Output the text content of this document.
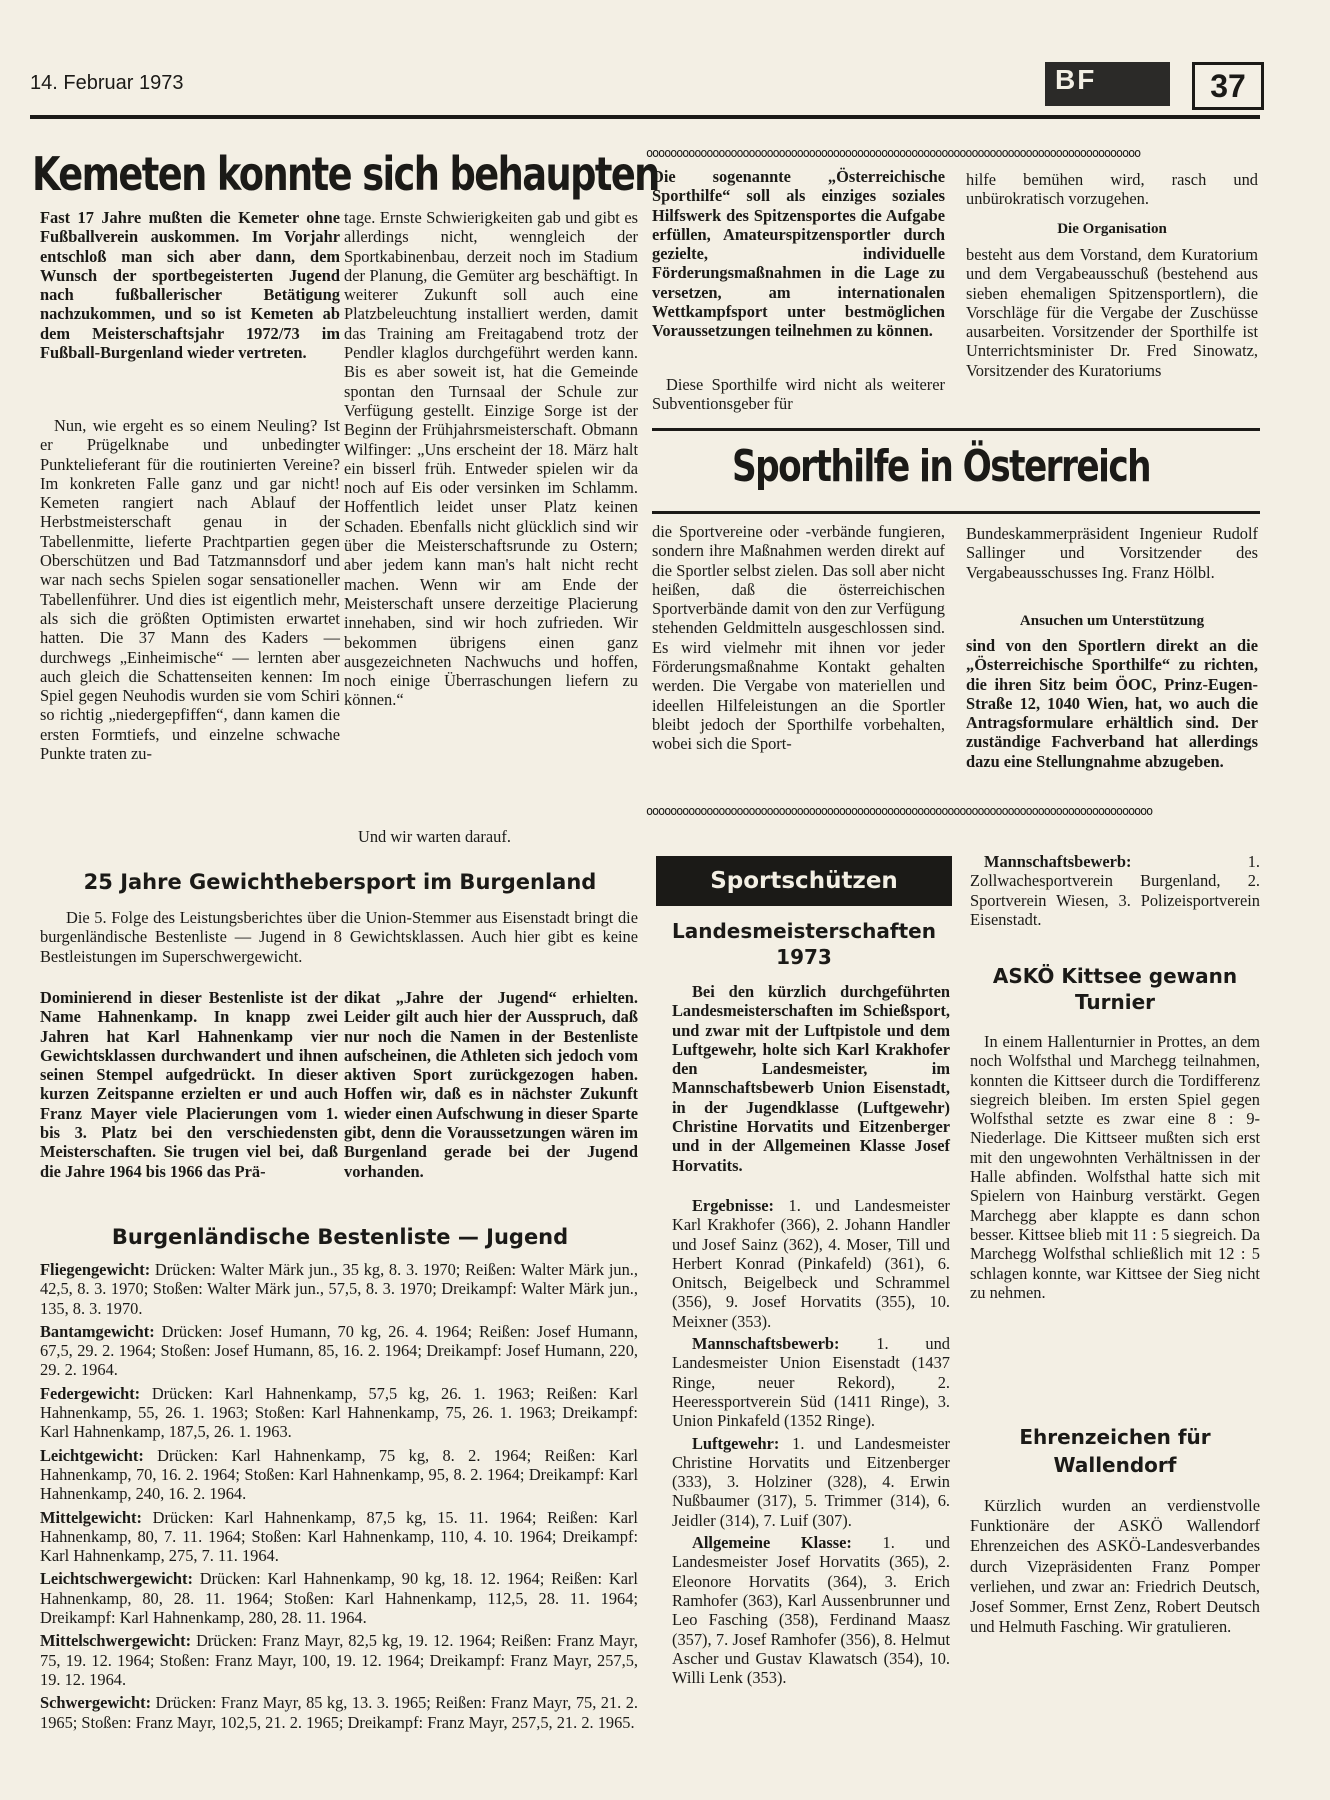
14. Februar 1973	BF	37
Kemeten konnte sich behaupten
Fast 17 Jahre mußten die Kemeter ohne Fußballverein auskommen. Im Vorjahr entschloß man sich aber dann, dem Wunsch der sportbegeisterten Jugend nach fußballerischer Betätigung nachzukommen, und so ist Kemeten ab dem Meisterschaftsjahr 1972/73 im Fußball-Burgenland wieder vertreten.
Nun, wie ergeht es so einem Neuling? Ist er Prügelknabe und unbedingter Punktelieferant für die routinierten Vereine? Im konkreten Falle ganz und gar nicht! Kemeten rangiert nach Ablauf der Herbstmeisterschaft genau in der Tabellenmitte, lieferte Prachtpartien gegen Oberschützen und Bad Tatzmannsdorf und war nach sechs Spielen sogar sensationeller Tabellenführer. Und dies ist eigentlich mehr, als sich die größten Optimisten erwartet hatten. Die 37 Mann des Kaders — durchwegs „Einheimische“ — lernten aber auch gleich die Schattenseiten kennen: Im Spiel gegen Neuhodis wurden sie vom Schiri so richtig „niedergepfiffen“, dann kamen die ersten Formtiefs, und einzelne schwache Punkte traten zu-
tage. Ernste Schwierigkeiten gab und gibt es allerdings nicht, wenngleich der Sportkabinenbau, derzeit noch im Stadium der Planung, die Gemüter arg beschäftigt. In weiterer Zukunft soll auch eine Platzbeleuchtung installiert werden, damit das Training am Freitagabend trotz der Pendler klaglos durchgeführt werden kann. Bis es aber soweit ist, hat die Gemeinde spontan den Turnsaal der Schule zur Verfügung gestellt. Einzige Sorge ist der Beginn der Frühjahrsmeisterschaft. Obmann Wilfinger: „Uns erscheint der 18. März halt ein bisserl früh. Entweder spielen wir da noch auf Eis oder versinken im Schlamm. Hoffentlich leidet unser Platz keinen Schaden. Ebenfalls nicht glücklich sind wir über die Meisterschaftsrunde zu Ostern; aber jedem kann man's halt nicht recht machen. Wenn wir am Ende der Meisterschaft unsere derzeitige Placierung innehaben, sind wir hoch zufrieden. Wir bekommen übrigens einen ganz ausgezeichneten Nachwuchs und hoffen, noch einige Überraschungen liefern zu können.“
Und wir warten darauf.
oooooooooooooooooooooooooooooooooooooooooooooooooooooooooooooooooooooooooooooooooo
oooooooooooooooooooooooooooooooooooooooooooooooooooooooooooooooooooooooooooooooooooo
Die sogenannte „Österreichische Sporthilfe“ soll als einziges soziales Hilfswerk des Spitzensportes die Aufgabe erfüllen, Amateurspitzensportler durch gezielte, individuelle Förderungsmaßnahmen in die Lage zu versetzen, am internationalen Wettkampfsport unter bestmöglichen Voraussetzungen teilnehmen zu können.
Diese Sporthilfe wird nicht als weiterer Subventionsgeber für
hilfe bemühen wird, rasch und unbürokratisch vorzugehen.
Die Organisation
besteht aus dem Vorstand, dem Kuratorium und dem Vergabeausschuß (bestehend aus sieben ehemaligen Spitzensportlern), die Vorschläge für die Vergabe der Zuschüsse ausarbeiten. Vorsitzender der Sporthilfe ist Unterrichtsminister Dr. Fred Sinowatz, Vorsitzender des Kuratoriums
Sporthilfe in Österreich
die Sportvereine oder -verbände fungieren, sondern ihre Maßnahmen werden direkt auf die Sportler selbst zielen. Das soll aber nicht heißen, daß die österreichischen Sportverbände damit von den zur Verfügung stehenden Geldmitteln ausgeschlossen sind. Es wird vielmehr mit ihnen vor jeder Förderungsmaßnahme Kontakt gehalten werden. Die Vergabe von materiellen und ideellen Hilfeleistungen an die Sportler bleibt jedoch der Sporthilfe vorbehalten, wobei sich die Sport-
Bundeskammerpräsident Ingenieur Rudolf Sallinger und Vorsitzender des Vergabeausschusses Ing. Franz Hölbl.
Ansuchen um Unterstützung
sind von den Sportlern direkt an die „Österreichische Sporthilfe“ zu richten, die ihren Sitz beim ÖOC, Prinz-Eugen-Straße 12, 1040 Wien, hat, wo auch die Antragsformulare erhältlich sind. Der zuständige Fachverband hat allerdings dazu eine Stellungnahme abzugeben.
25 Jahre Gewichthebersport im Burgenland
Die 5. Folge des Leistungsberichtes über die Union-Stemmer aus Eisenstadt bringt die burgenländische Bestenliste — Jugend in 8 Gewichtsklassen. Auch hier gibt es keine Bestleistungen im Superschwergewicht.
Dominierend in dieser Bestenliste ist der Name Hahnenkamp. In knapp zwei Jahren hat Karl Hahnenkamp vier Gewichtsklassen durchwandert und ihnen seinen Stempel aufgedrückt. In dieser kurzen Zeitspanne erzielten er und auch Franz Mayer viele Placierungen vom 1. bis 3. Platz bei den verschiedensten Meisterschaften. Sie trugen viel bei, daß die Jahre 1964 bis 1966 das Prä-
dikat „Jahre der Jugend“ erhielten. Leider gilt auch hier der Ausspruch, daß nur noch die Namen in der Bestenliste aufscheinen, die Athleten sich jedoch vom aktiven Sport zurückgezogen haben. Hoffen wir, daß es in nächster Zukunft wieder einen Aufschwung in dieser Sparte gibt, denn die Voraussetzungen wären im Burgenland gerade bei der Jugend vorhanden.
Burgenländische Bestenliste — Jugend

Fliegengewicht: Drücken: Walter Märk jun., 35 kg, 8. 3. 1970; Reißen: Walter Märk jun., 42,5, 8. 3. 1970; Stoßen: Walter Märk jun., 57,5, 8. 3. 1970; Dreikampf: Walter Märk jun., 135, 8. 3. 1970.

Bantamgewicht: Drücken: Josef Humann, 70 kg, 26. 4. 1964; Reißen: Josef Humann, 67,5, 29. 2. 1964; Stoßen: Josef Humann, 85, 16. 2. 1964; Dreikampf: Josef Humann, 220, 29. 2. 1964.

Federgewicht: Drücken: Karl Hahnenkamp, 57,5 kg, 26. 1. 1963; Reißen: Karl Hahnenkamp, 55, 26. 1. 1963; Stoßen: Karl Hahnenkamp, 75, 26. 1. 1963; Dreikampf: Karl Hahnenkamp, 187,5, 26. 1. 1963.

Leichtgewicht: Drücken: Karl Hahnenkamp, 75 kg, 8. 2. 1964; Reißen: Karl Hahnenkamp, 70, 16. 2. 1964; Stoßen: Karl Hahnenkamp, 95, 8. 2. 1964; Dreikampf: Karl Hahnenkamp, 240, 16. 2. 1964.

Mittelgewicht: Drücken: Karl Hahnenkamp, 87,5 kg, 15. 11. 1964; Reißen: Karl Hahnenkamp, 80, 7. 11. 1964; Stoßen: Karl Hahnenkamp, 110, 4. 10. 1964; Dreikampf: Karl Hahnenkamp, 275, 7. 11. 1964.

Leichtschwergewicht: Drücken: Karl Hahnenkamp, 90 kg, 18. 12. 1964; Reißen: Karl Hahnenkamp, 80, 28. 11. 1964; Stoßen: Karl Hahnenkamp, 112,5, 28. 11. 1964; Dreikampf: Karl Hahnenkamp, 280, 28. 11. 1964.

Mittelschwergewicht: Drücken: Franz Mayr, 82,5 kg, 19. 12. 1964; Reißen: Franz Mayr, 75, 19. 12. 1964; Stoßen: Franz Mayr, 100, 19. 12. 1964; Dreikampf: Franz Mayr, 257,5, 19. 12. 1964.

Schwergewicht: Drücken: Franz Mayr, 85 kg, 13. 3. 1965; Reißen: Franz Mayr, 75, 21. 2. 1965; Stoßen: Franz Mayr, 102,5, 21. 2. 1965; Dreikampf: Franz Mayr, 257,5, 21. 2. 1965.

Sportschützen
Landesmeisterschaften 1973
Bei den kürzlich durchgeführten Landesmeisterschaften im Schießsport, und zwar mit der Luftpistole und dem Luftgewehr, holte sich Karl Krakhofer den Landesmeister, im Mannschaftsbewerb Union Eisenstadt, in der Jugendklasse (Luftgewehr) Christine Horvatits und Eitzenberger und in der Allgemeinen Klasse Josef Horvatits.

Ergebnisse: 1. und Landesmeister Karl Krakhofer (366), 2. Johann Handler und Josef Sainz (362), 4. Moser, Till und Herbert Konrad (Pinkafeld) (361), 6. Onitsch, Beigelbeck und Schrammel (356), 9. Josef Horvatits (355), 10. Meixner (353).

Mannschaftsbewerb: 1. und Landesmeister Union Eisenstadt (1437 Ringe, neuer Rekord), 2. Heeressportverein Süd (1411 Ringe), 3. Union Pinkafeld (1352 Ringe).

Luftgewehr: 1. und Landesmeister Christine Horvatits und Eitzenberger (333), 3. Holziner (328), 4. Erwin Nußbaumer (317), 5. Trimmer (314), 6. Jeidler (314), 7. Luif (307).

Allgemeine Klasse: 1. und Landesmeister Josef Horvatits (365), 2. Eleonore Horvatits (364), 3. Erich Ramhofer (363), Karl Aussenbrunner und Leo Fasching (358), Ferdinand Maasz (357), 7. Josef Ramhofer (356), 8. Helmut Ascher und Gustav Klawatsch (354), 10. Willi Lenk (353).

Mannschaftsbewerb: 1. Zollwachesportverein Burgenland, 2. Sportverein Wiesen, 3. Polizeisportverein Eisenstadt.
ASKÖ Kittsee gewann Turnier
In einem Hallenturnier in Prottes, an dem noch Wolfsthal und Marchegg teilnahmen, konnten die Kittseer durch die Tordifferenz siegreich bleiben. Im ersten Spiel gegen Wolfsthal setzte es zwar eine 8 : 9-Niederlage. Die Kittseer mußten sich erst mit den ungewohnten Verhältnissen in der Halle abfinden. Wolfsthal hatte sich mit Spielern von Hainburg verstärkt. Gegen Marchegg aber klappte es dann schon besser. Kittsee blieb mit 11 : 5 siegreich. Da Marchegg Wolfsthal schließlich mit 12 : 5 schlagen konnte, war Kittsee der Sieg nicht zu nehmen.
Ehrenzeichen für Wallendorf
Kürzlich wurden an verdienstvolle Funktionäre der ASKÖ Wallendorf Ehrenzeichen des ASKÖ-Landesverbandes durch Vizepräsidenten Franz Pomper verliehen, und zwar an: Friedrich Deutsch, Josef Sommer, Ernst Zenz, Robert Deutsch und Helmuth Fasching. Wir gratulieren.
